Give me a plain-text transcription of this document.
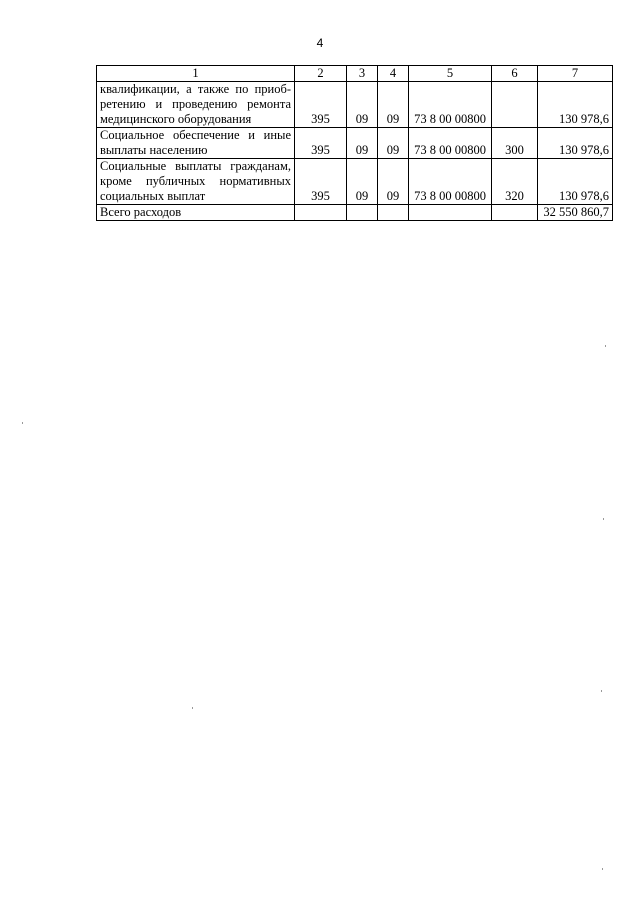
4
1	2	3	4	5	6	7
квалификации, а также по приоб-ретению и проведению ремонта медицинского оборудования	395	09	09	73 8 00 00800		130 978,6
Социальное обеспечение и иные выплаты населению	395	09	09	73 8 00 00800	300	130 978,6
Социальные выплаты гражданам, кроме публичных нормативных социальных выплат	395	09	09	73 8 00 00800	320	130 978,6
Всего расходов						32 550 860,7
